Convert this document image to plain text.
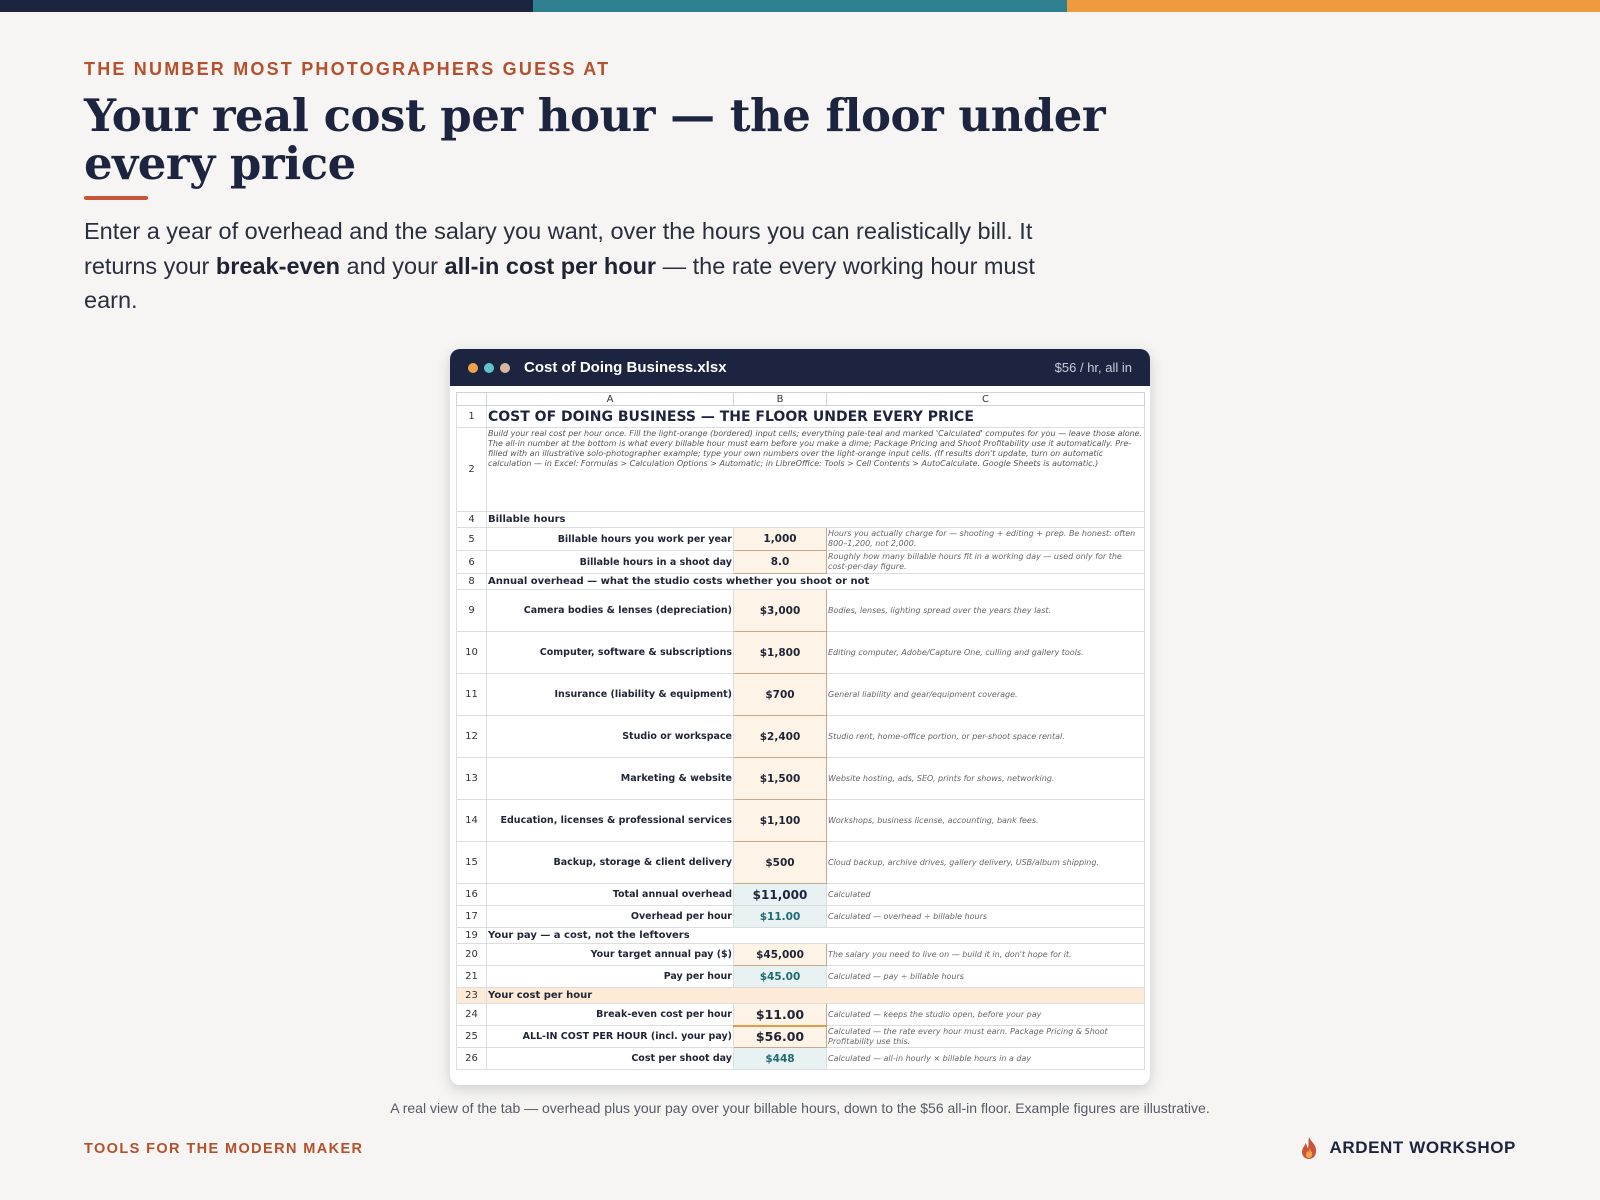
THE NUMBER MOST PHOTOGRAPHERS GUESS AT
Your real cost per hour — the floor under every price

Enter a year of overhead and the salary you want, over the hours you can realistically bill. It returns your break-even and your all-in cost per hour — the rate every working hour must earn.

Cost of Doing Business.xlsx	$56 / hr, all in
	A	B	C
1	COST OF DOING BUSINESS — THE FLOOR UNDER EVERY PRICE		
2	Build your real cost per hour once. Fill the light-orange (bordered) input cells; everything pale-teal and marked 'Calculated' computes for you — leave those alone. The all-in number at the bottom is what every billable hour must earn before you make a dime; Package Pricing and Shoot Profitability use it automatically. Pre-filled with an illustrative solo-photographer example; type your own numbers over the light-orange input cells. (If results don't update, turn on automatic calculation — in Excel: Formulas > Calculation Options > Automatic; in LibreOffice: Tools > Cell Contents > AutoCalculate. Google Sheets is automatic.)		
4	Billable hours		
5	Billable hours you work per year	1,000	Hours you actually charge for — shooting + editing + prep. Be honest: often 800–1,200, not 2,000.
6	Billable hours in a shoot day	8.0	Roughly how many billable hours fit in a working day — used only for the cost-per-day figure.
8	Annual overhead — what the studio costs whether you shoot or not		
9	Camera bodies & lenses (depreciation)	$3,000	Bodies, lenses, lighting spread over the years they last.
10	Computer, software & subscriptions	$1,800	Editing computer, Adobe/Capture One, culling and gallery tools.
11	Insurance (liability & equipment)	$700	General liability and gear/equipment coverage.
12	Studio or workspace	$2,400	Studio rent, home-office portion, or per-shoot space rental.
13	Marketing & website	$1,500	Website hosting, ads, SEO, prints for shows, networking.
14	Education, licenses & professional services	$1,100	Workshops, business license, accounting, bank fees.
15	Backup, storage & client delivery	$500	Cloud backup, archive drives, gallery delivery, USB/album shipping.
16	Total annual overhead	$11,000	Calculated
17	Overhead per hour	$11.00	Calculated — overhead ÷ billable hours
19	Your pay — a cost, not the leftovers		
20	Your target annual pay ($)	$45,000	The salary you need to live on — build it in, don't hope for it.
21	Pay per hour	$45.00	Calculated — pay ÷ billable hours
23	Your cost per hour		
24	Break-even cost per hour	$11.00	Calculated — keeps the studio open, before your pay
25	ALL-IN COST PER HOUR (incl. your pay)	$56.00	Calculated — the rate every hour must earn. Package Pricing & Shoot Profitability use this.
26	Cost per shoot day	$448	Calculated — all-in hourly × billable hours in a day
A real view of the tab — overhead plus your pay over your billable hours, down to the $56 all-in floor. Example figures are illustrative.
TOOLS FOR THE MODERN MAKER	ARDENT WORKSHOP
